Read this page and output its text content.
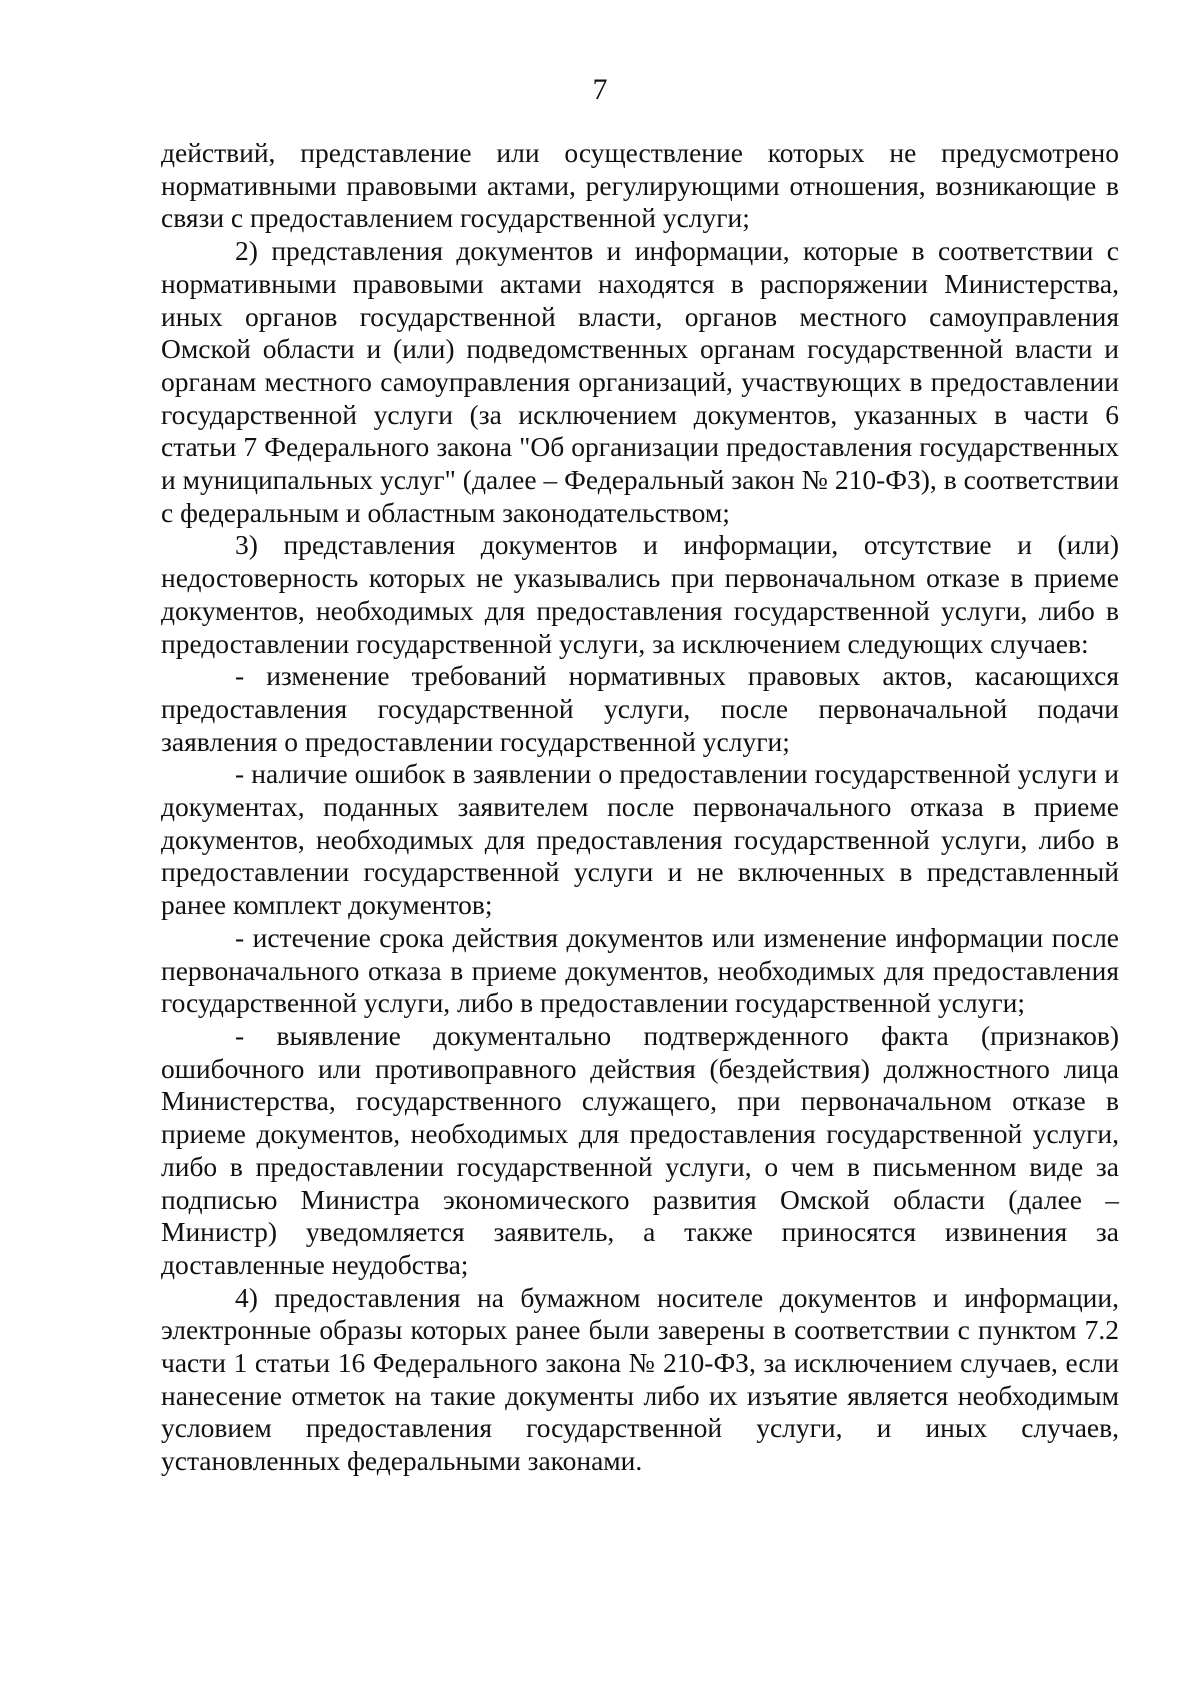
7

действий, представление или осуществление которых не предусмотрено нормативными правовыми актами, регулирующими отношения, возникающие в связи с предоставлением государственной услуги;

2) представления документов и информации, которые в соответствии с нормативными правовыми актами находятся в распоряжении Министерства, иных органов государственной власти, органов местного самоуправления Омской области и (или) подведомственных органам государственной власти и органам местного самоуправления организаций, участвующих в предоставлении государственной услуги (за исключением документов, указанных в части 6 статьи 7 Федерального закона "Об организации предоставления государственных и муниципальных услуг" (далее – Федеральный закон № 210-ФЗ), в соответствии с федеральным и областным законодательством;

3) представления документов и информации, отсутствие и (или) недостоверность которых не указывались при первоначальном отказе в приеме документов, необходимых для предоставления государственной услуги, либо в предоставлении государственной услуги, за исключением следующих случаев:

- изменение требований нормативных правовых актов, касающихся предоставления государственной услуги, после первоначальной подачи заявления о предоставлении государственной услуги;

- наличие ошибок в заявлении о предоставлении государственной услуги и документах, поданных заявителем после первоначального отказа в приеме документов, необходимых для предоставления государственной услуги, либо в предоставлении государственной услуги и не включенных в представленный ранее комплект документов;

- истечение срока действия документов или изменение информации после первоначального отказа в приеме документов, необходимых для предоставления государственной услуги, либо в предоставлении государственной услуги;

- выявление документально подтвержденного факта (признаков) ошибочного или противоправного действия (бездействия) должностного лица Министерства, государственного служащего, при первоначальном отказе в приеме документов, необходимых для предоставления государственной услуги, либо в предоставлении государственной услуги, о чем в письменном виде за подписью Министра экономического развития Омской области (далее – Министр) уведомляется заявитель, а также приносятся извинения за доставленные неудобства;

4) предоставления на бумажном носителе документов и информации, электронные образы которых ранее были заверены в соответствии с пунктом 7.2 части 1 статьи 16 Федерального закона № 210-ФЗ, за исключением случаев, если нанесение отметок на такие документы либо их изъятие является необходимым условием предоставления государственной услуги, и иных случаев, установленных федеральными законами.
